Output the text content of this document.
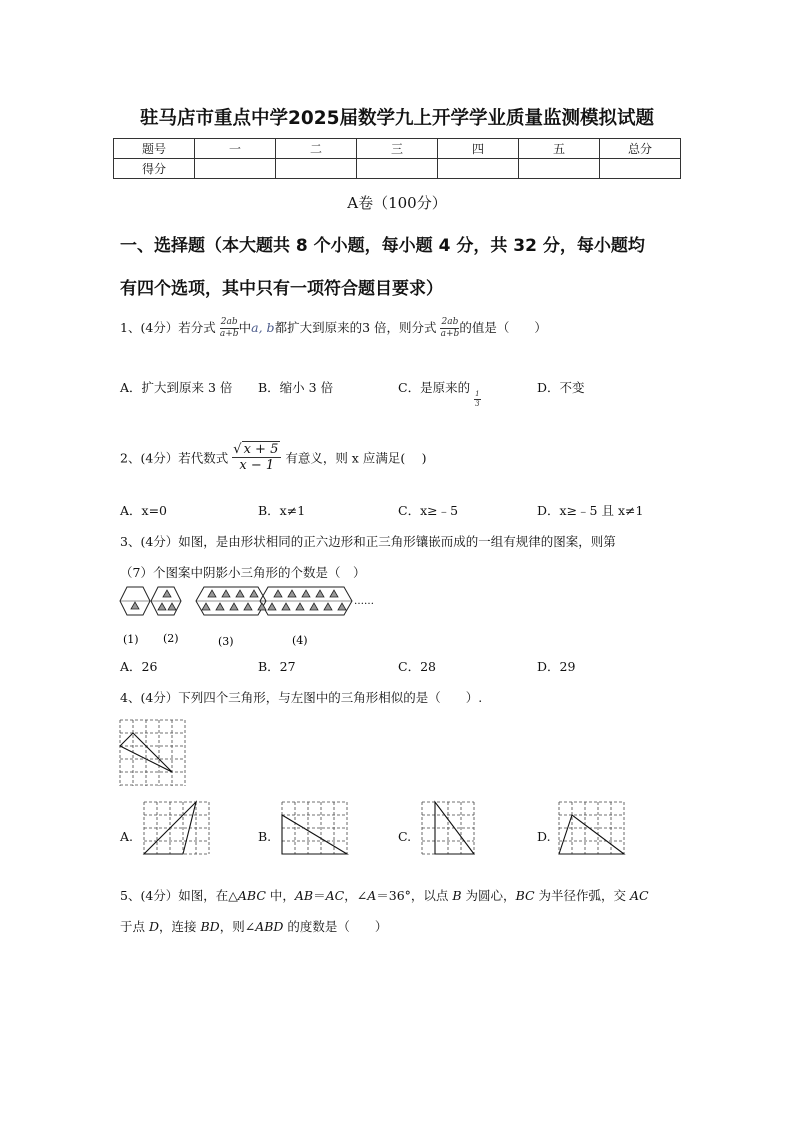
驻马店市重点中学2025届数学九上开学学业质量监测模拟试题
题号	一	二	三	四	五	总分
得分						
A卷（100分）
一、选择题（本大题共 8 个小题，每小题 4 分，共 32 分，每小题均
有四个选项，其中只有一项符合题目要求）
1、(4分）若分式 $\frac{2ab}{a+b}$ 中a, b都扩大到原来的3 倍，则分式 $\frac{2ab}{a+b}$ 的值是（　　）
A．扩大到原来 3 倍 B．缩小 3 倍	C．是原来的
$\frac{1}{3}$
D．不变
2、(4分）若代数式 $\frac{√ x + 5}{x - 1}$ 有意义，则 x 应满足(　 )
A．x=0	B．x≠1	C．x≥﹣5	D．x≥﹣5 且 x≠1
3、(4分）如图，是由形状相同的正六边形和正三角形镶嵌而成的一组有规律的图案，则第
（7）个图案中阴影小三角形的个数是（　）
……
(1) (2)	(3)	(4)
A．26	B．27	C．28	D．29
4、(4分）下列四个三角形，与左图中的三角形相似的是（　　）.
A.	B.	C.	D.
5、(4分）如图，在△ABC 中，AB＝AC，∠A＝36°，以点 B 为圆心，BC 为半径作弧，交 AC
于点 D，连接 BD，则∠ABD 的度数是（　　）
